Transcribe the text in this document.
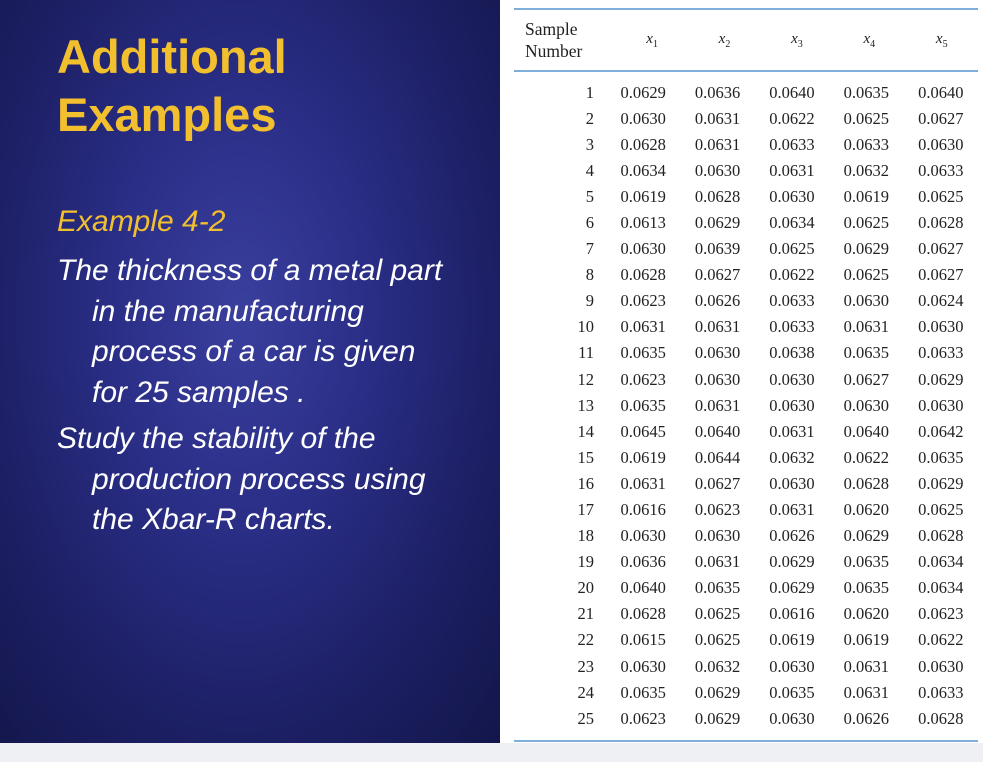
Additional
Examples
Example 4-2
The thickness of a metal part
in the manufacturing
process of a car is given
for 25 samples .
Study the stability of the
production process using
the Xbar-R charts.
Sample
Number	$x_1$	$x_2$	$x_3$	$x_4$	$x_5$
1	0.0629	0.0636	0.0640	0.0635	0.0640
2	0.0630	0.0631	0.0622	0.0625	0.0627
3	0.0628	0.0631	0.0633	0.0633	0.0630
4	0.0634	0.0630	0.0631	0.0632	0.0633
5	0.0619	0.0628	0.0630	0.0619	0.0625
6	0.0613	0.0629	0.0634	0.0625	0.0628
7	0.0630	0.0639	0.0625	0.0629	0.0627
8	0.0628	0.0627	0.0622	0.0625	0.0627
9	0.0623	0.0626	0.0633	0.0630	0.0624
10	0.0631	0.0631	0.0633	0.0631	0.0630
11	0.0635	0.0630	0.0638	0.0635	0.0633
12	0.0623	0.0630	0.0630	0.0627	0.0629
13	0.0635	0.0631	0.0630	0.0630	0.0630
14	0.0645	0.0640	0.0631	0.0640	0.0642
15	0.0619	0.0644	0.0632	0.0622	0.0635
16	0.0631	0.0627	0.0630	0.0628	0.0629
17	0.0616	0.0623	0.0631	0.0620	0.0625
18	0.0630	0.0630	0.0626	0.0629	0.0628
19	0.0636	0.0631	0.0629	0.0635	0.0634
20	0.0640	0.0635	0.0629	0.0635	0.0634
21	0.0628	0.0625	0.0616	0.0620	0.0623
22	0.0615	0.0625	0.0619	0.0619	0.0622
23	0.0630	0.0632	0.0630	0.0631	0.0630
24	0.0635	0.0629	0.0635	0.0631	0.0633
25	0.0623	0.0629	0.0630	0.0626	0.0628
